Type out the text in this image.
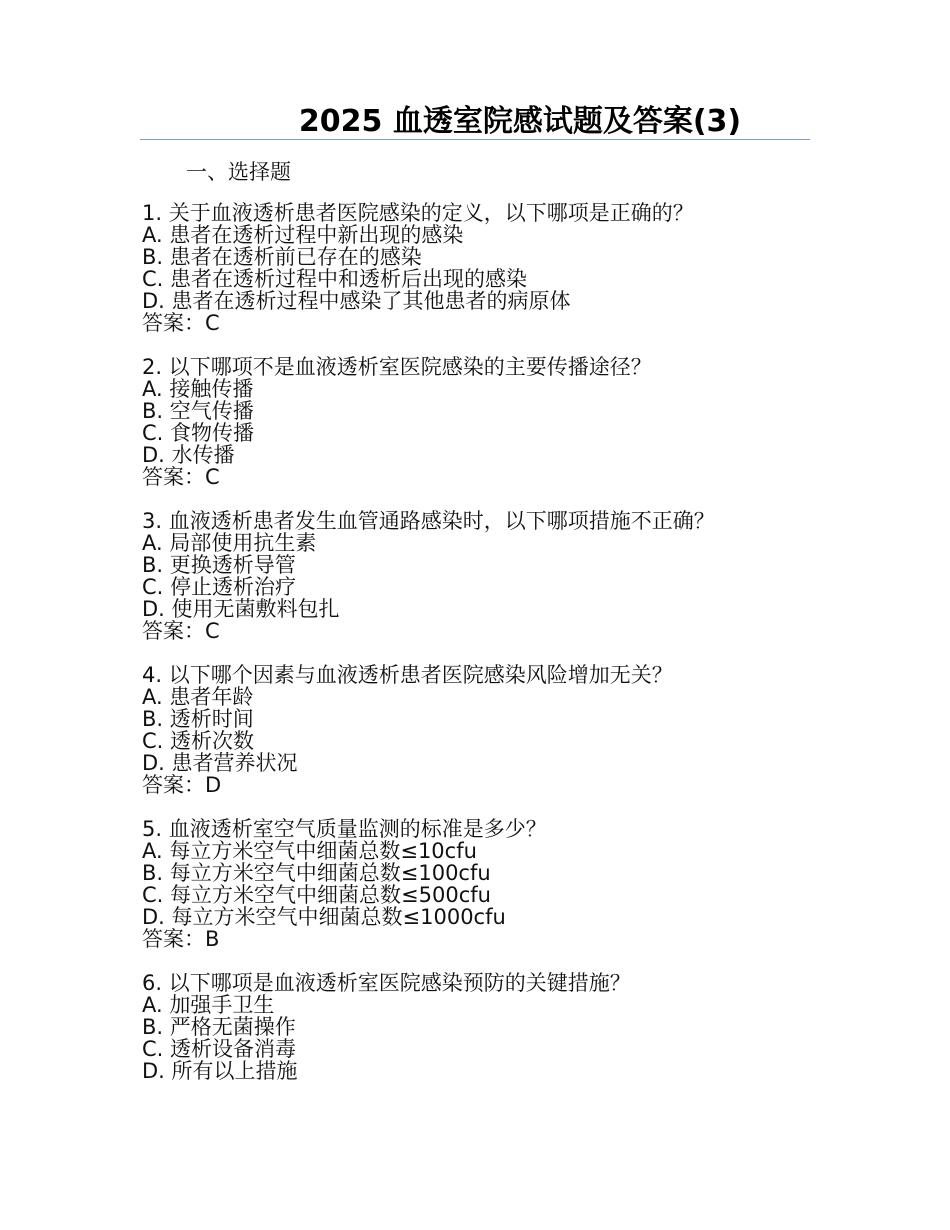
2025 血透室院感试题及答案(3)
一、选择题
1. 关于血液透析患者医院感染的定义，以下哪项是正确的？
A. 患者在透析过程中新出现的感染
B. 患者在透析前已存在的感染
C. 患者在透析过程中和透析后出现的感染
D. 患者在透析过程中感染了其他患者的病原体
答案：C
2. 以下哪项不是血液透析室医院感染的主要传播途径？
A. 接触传播
B. 空气传播
C. 食物传播
D. 水传播
答案：C
3. 血液透析患者发生血管通路感染时，以下哪项措施不正确？
A. 局部使用抗生素
B. 更换透析导管
C. 停止透析治疗
D. 使用无菌敷料包扎
答案：C
4. 以下哪个因素与血液透析患者医院感染风险增加无关？
A. 患者年龄
B. 透析时间
C. 透析次数
D. 患者营养状况
答案：D
5. 血液透析室空气质量监测的标准是多少？
A. 每立方米空气中细菌总数≤10cfu
B. 每立方米空气中细菌总数≤100cfu
C. 每立方米空气中细菌总数≤500cfu
D. 每立方米空气中细菌总数≤1000cfu
答案：B
6. 以下哪项是血液透析室医院感染预防的关键措施？
A. 加强手卫生
B. 严格无菌操作
C. 透析设备消毒
D. 所有以上措施
